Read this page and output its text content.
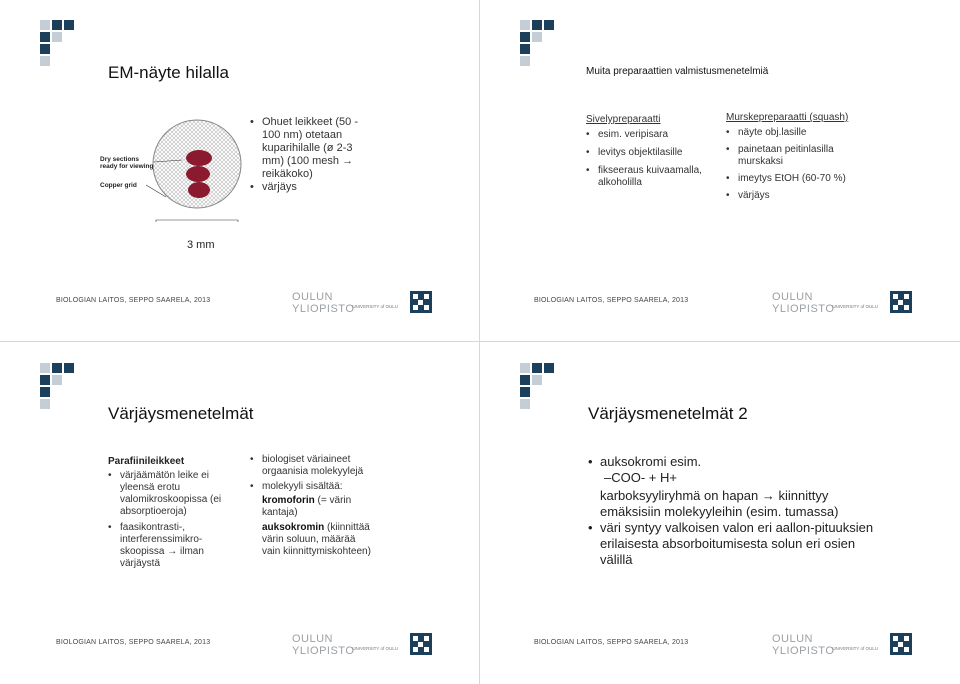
EM-näyte hilalla
Dry sections ready for viewing
Copper grid
3 mm
• Ohuet leikkeet (50 - 100 nm) otetaan kuparihilalle (ø 2-3 mm) (100 mesh → reikäkoko)
• värjäys
BIOLOGIAN LAITOS, SEPPO SAARELA, 2013	OULUN YLIOPISTO
UNIVERSITY of OULU
Muita preparaattien valmistusmenetelmiä
Sivelypreparaatti
• esim. veripisara
• levitys objektilasille
• fikseeraus kuivaamalla, alkoholilla
Murskepreparaatti (squash)
• näyte obj.lasille
• painetaan peitinlasilla murskaksi
• imeytys EtOH (60-70 %)
• värjäys
BIOLOGIAN LAITOS, SEPPO SAARELA, 2013	OULUN YLIOPISTO
UNIVERSITY of OULU
Värjäysmenetelmät
Parafiinileikkeet
• värjäämätön leike ei yleensä erotu valomikroskoopissa (ei absorptioeroja)
• faasikontrasti-, interferenssimikro-skoopissa → ilman värjäystä
• biologiset väriaineet orgaanisia molekyylejä
• molekyyli sisältää:
kromoforin (= värin kantaja)
auksokromin (kiinnittää värin soluun, määrää vain kiinnittymiskohteen)
BIOLOGIAN LAITOS, SEPPO SAARELA, 2013	OULUN YLIOPISTO
UNIVERSITY of OULU
Värjäysmenetelmät 2
• auksokromi esim.
–COO- + H+
karboksyyliryhmä on hapan → kiinnittyy emäksisiin molekyyleihin (esim. tumassa)
• väri syntyy valkoisen valon eri aallon-pituuksien erilaisesta absorboitumisesta solun eri osien välillä
BIOLOGIAN LAITOS, SEPPO SAARELA, 2013	OULUN YLIOPISTO
UNIVERSITY of OULU
